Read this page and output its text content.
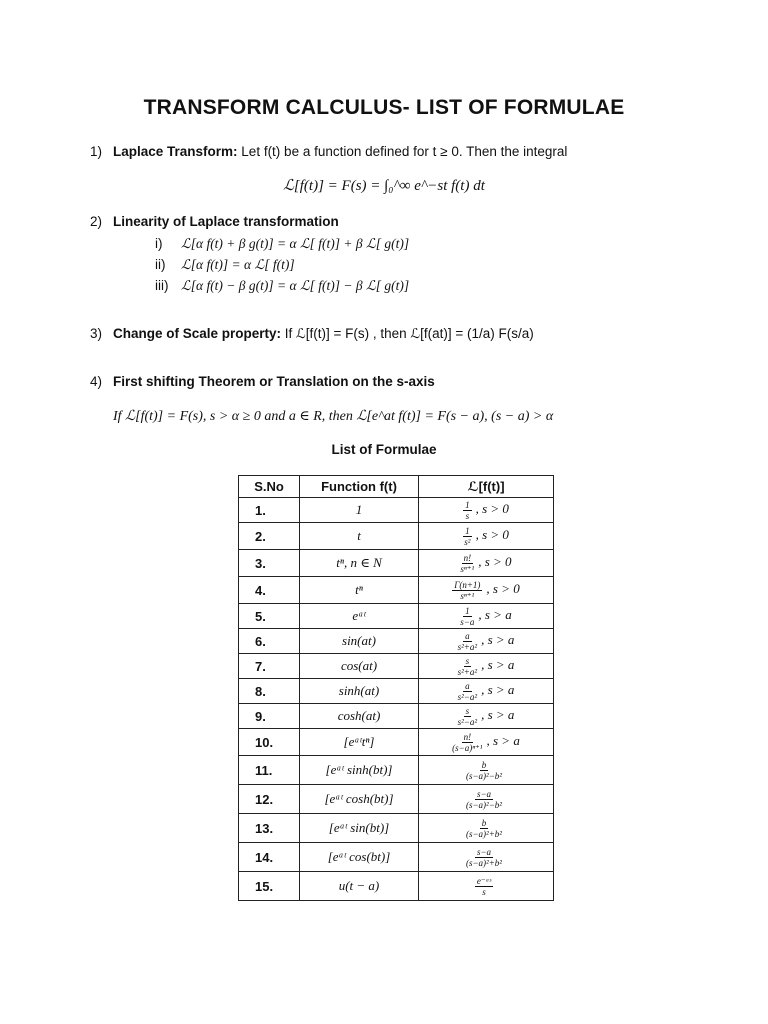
TRANSFORM CALCULUS- LIST OF FORMULAE
1) Laplace Transform: Let f(t) be a function defined for t ≥ 0. Then the integral
ℒ[f(t)] = F(s) = ∫₀^∞ e^−st f(t) dt
2) Linearity of Laplace transformation
i) ℒ[α f(t) + β g(t)] = α ℒ[ f(t)] + β ℒ[ g(t)]
ii) ℒ[α f(t)] = α ℒ[ f(t)]
iii) ℒ[α f(t) − β g(t)] = α ℒ[ f(t)] − β ℒ[ g(t)]
3) Change of Scale property: If ℒ[f(t)] = F(s) , then ℒ[f(at)] = (1/a) F(s/a)
4) First shifting Theorem or Translation on the s-axis
If ℒ[f(t)] = F(s), s > α ≥ 0 and a ∈ R, then ℒ[e^at f(t)] = F(s − a), (s − a) > α
List of Formulae
S.No	Function f(t)	ℒ[f(t)]
1.	1	$\frac{1}{s}$ , s > 0
2.	t	$\frac{1}{\text{s²}}$ , s > 0
3.	tⁿ, n ∈ N	$\frac{n!}{\text{sⁿ⁺¹}}$ , s > 0
4.	tⁿ	$\frac{\Gamma(n+1)}{\text{sⁿ⁺¹}}$ , s > 0
5.	eᵃᵗ	$\frac{1}{s-a}$ , s > a
6.	sin(at)	$\frac{a}{\text{s²+a²}}$ , s > a
7.	cos(at)	$\frac{s}{\text{s²+a²}}$ , s > a
8.	sinh(at)	$\frac{a}{\text{s²−a²}}$ , s > a
9.	cosh(at)	$\frac{s}{\text{s²−a²}}$ , s > a
10.	[eᵃᵗtⁿ]	$\frac{n!}{\text{(s−a)ⁿ⁺¹}}$ , s > a
11.	[eᵃᵗ sinh(bt)]	$\frac{b}{\text{(s−a)²−b²}}$

12.	[eᵃᵗ cosh(bt)]	$\frac{s-a}{\text{(s−a)²−b²}}$

13.	[eᵃᵗ sin(bt)]	$\frac{b}{\text{(s−a)²+b²}}$

14.	[eᵃᵗ cos(bt)]	$\frac{s-a}{\text{(s−a)²+b²}}$

15.	u(t − a)	$\frac{\text{e⁻ᵃˢ}}{s}$
